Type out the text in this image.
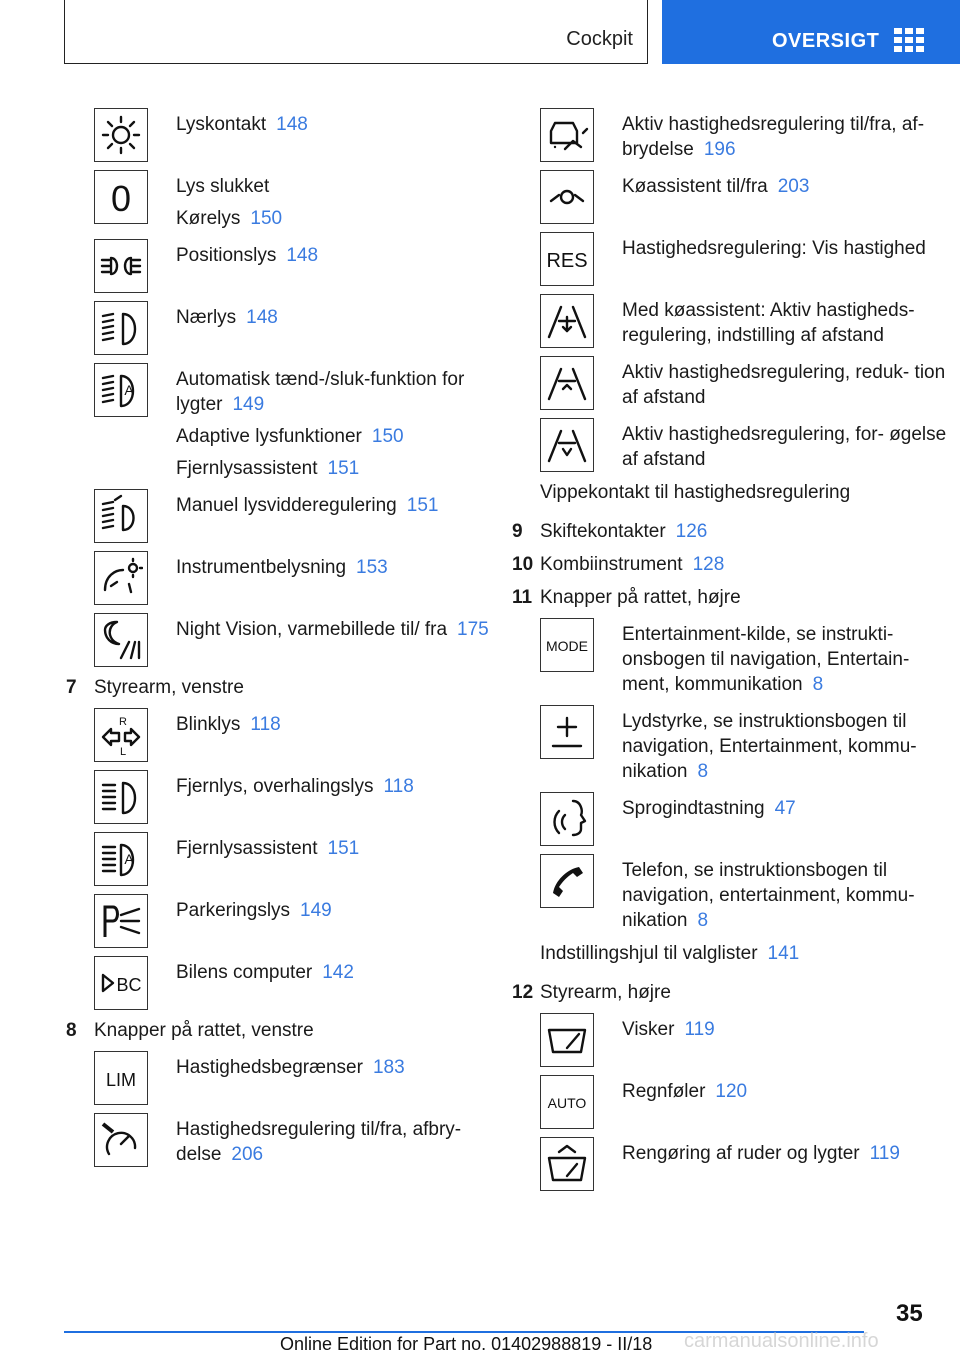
Cockpit	OVERSIGT
Lyskontakt 148
0 Lys slukket
Kørelys 150
Positionslys 148
Nærlys 148
A Automatisk tænd-/sluk-funktion for lygter 149
Adaptive lysfunktioner 150
Fjernlysassistent 151
Manuel lysvidderegulering 151
Instrumentbelysning 153
Night Vision, varmebillede til/ fra 175
7 Styrearm, venstre
R
L
Blinklys 118
Fjernlys, overhalingslys 118
A Fjernlysassistent 151
Parkeringslys 149
BC
Bilens computer 142
8 Knapper på rattet, venstre
LIM
Hastighedsbegrænser 183
Hastighedsregulering til/fra, afbry- delse 206
Aktiv hastighedsregulering til/fra, af- brydelse 196
Køassistent til/fra 203
RES
Hastighedsregulering: Vis hastighed
Med køassistent: Aktiv hastigheds- regulering, indstilling af afstand
Aktiv hastighedsregulering, reduk- tion af afstand
Aktiv hastighedsregulering, for- øgelse af afstand
Vippekontakt til hastighedsregulering
9 Skiftekontakter 126
10 Kombiinstrument 128
11 Knapper på rattet, højre
MODE
Entertainment-kilde, se instrukti- onsbogen til navigation, Entertain- ment, kommunikation 8
Lydstyrke, se instruktionsbogen til navigation, Entertainment, kommu- nikation 8
Sprogindtastning 47
Telefon, se instruktionsbogen til navigation, entertainment, kommu- nikation 8
Indstillingshjul til valglister 141
12 Styrearm, højre
Visker 119
AUTO
Regnføler 120
Rengøring af ruder og lygter 119
35
Online Edition for Part no. 01402988819 - II/18 carmanualsonline.info
